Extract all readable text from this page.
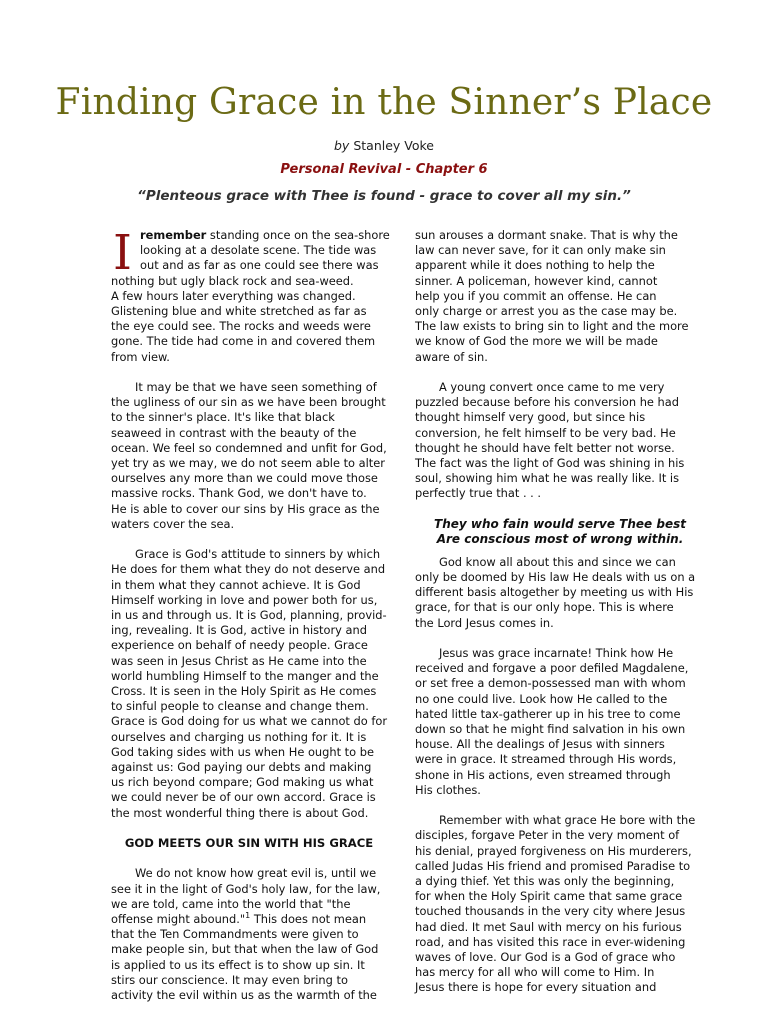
Finding Grace in the Sinner’s Place
by Stanley Voke
Personal Revival - Chapter 6
“Plenteous grace with Thee is found - grace to cover all my sin.”
I remember standing once on the sea-shore
looking at a desolate scene. The tide was
out and as far as one could see there was
nothing but ugly black rock and sea-weed.
A few hours later everything was changed.
Glistening blue and white stretched as far as
the eye could see. The rocks and weeds were
gone. The tide had come in and covered them
from view.
It may be that we have seen something of
the ugliness of our sin as we have been brought
to the sinner's place. It's like that black
seaweed in contrast with the beauty of the
ocean. We feel so condemned and unfit for God,
yet try as we may, we do not seem able to alter
ourselves any more than we could move those
massive rocks. Thank God, we don't have to.
He is able to cover our sins by His grace as the
waters cover the sea.
Grace is God's attitude to sinners by which
He does for them what they do not deserve and
in them what they cannot achieve. It is God
Himself working in love and power both for us,
in us and through us. It is God, planning, provid-
ing, revealing. It is God, active in history and
experience on behalf of needy people. Grace
was seen in Jesus Christ as He came into the
world humbling Himself to the manger and the
Cross. It is seen in the Holy Spirit as He comes
to sinful people to cleanse and change them.
Grace is God doing for us what we cannot do for
ourselves and charging us nothing for it. It is
God taking sides with us when He ought to be
against us: God paying our debts and making
us rich beyond compare; God making us what
we could never be of our own accord. Grace is
the most wonderful thing there is about God.
GOD MEETS OUR SIN WITH HIS GRACE
We do not know how great evil is, until we
see it in the light of God's holy law, for the law,
we are told, came into the world that "the
offense might abound."$^1$ This does not mean
that the Ten Commandments were given to
make people sin, but that when the law of God
is applied to us its effect is to show up sin. It
stirs our conscience. It may even bring to
activity the evil within us as the warmth of the
sun arouses a dormant snake. That is why the
law can never save, for it can only make sin
apparent while it does nothing to help the
sinner. A policeman, however kind, cannot
help you if you commit an offense. He can
only charge or arrest you as the case may be.
The law exists to bring sin to light and the more
we know of God the more we will be made
aware of sin.
A young convert once came to me very
puzzled because before his conversion he had
thought himself very good, but since his
conversion, he felt himself to be very bad. He
thought he should have felt better not worse.
The fact was the light of God was shining in his
soul, showing him what he was really like. It is
perfectly true that . . .
They who fain would serve Thee best
Are conscious most of wrong within.
God know all about this and since we can
only be doomed by His law He deals with us on a
different basis altogether by meeting us with His
grace, for that is our only hope. This is where
the Lord Jesus comes in.
Jesus was grace incarnate! Think how He
received and forgave a poor defiled Magdalene,
or set free a demon-possessed man with whom
no one could live. Look how He called to the
hated little tax-gatherer up in his tree to come
down so that he might find salvation in his own
house. All the dealings of Jesus with sinners
were in grace. It streamed through His words,
shone in His actions, even streamed through
His clothes.
Remember with what grace He bore with the
disciples, forgave Peter in the very moment of
his denial, prayed forgiveness on His murderers,
called Judas His friend and promised Paradise to
a dying thief. Yet this was only the beginning,
for when the Holy Spirit came that same grace
touched thousands in the very city where Jesus
had died. It met Saul with mercy on his furious
road, and has visited this race in ever-widening
waves of love. Our God is a God of grace who
has mercy for all who will come to Him. In
Jesus there is hope for every situation and
